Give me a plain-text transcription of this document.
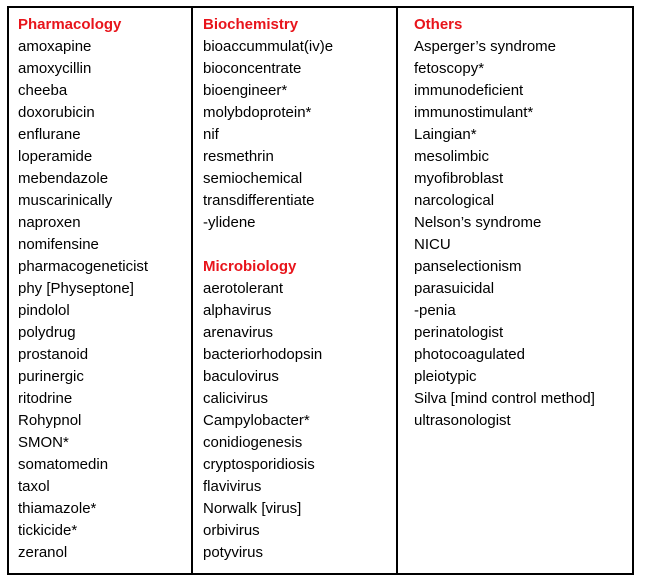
Pharmacology
amoxapine
amoxycillin
cheeba
doxorubicin
enflurane
loperamide
mebendazole
muscarinically
naproxen
nomifensine
pharmacogeneticist
phy [Physeptone]
pindolol
polydrug
prostanoid
purinergic
ritodrine
Rohypnol
SMON*
somatomedin
taxol
thiamazole*
tickicide*
zeranol
Biochemistry
bioaccummulat(iv)e
bioconcentrate
bioengineer*
molybdoprotein*
nif
resmethrin
semiochemical
transdifferentiate
-ylidene
Microbiology
aerotolerant
alphavirus
arenavirus
bacteriorhodopsin
baculovirus
calicivirus
Campylobacter*
conidiogenesis
cryptosporidiosis
flavivirus
Norwalk [virus]
orbivirus
potyvirus
Others
Asperger’s syndrome
fetoscopy*
immunodeficient
immunostimulant*
Laingian*
mesolimbic
myofibroblast
narcological
Nelson’s syndrome
NICU
panselectionism
parasuicidal
-penia
perinatologist
photocoagulated
pleiotypic
Silva [mind control method]
ultrasonologist
